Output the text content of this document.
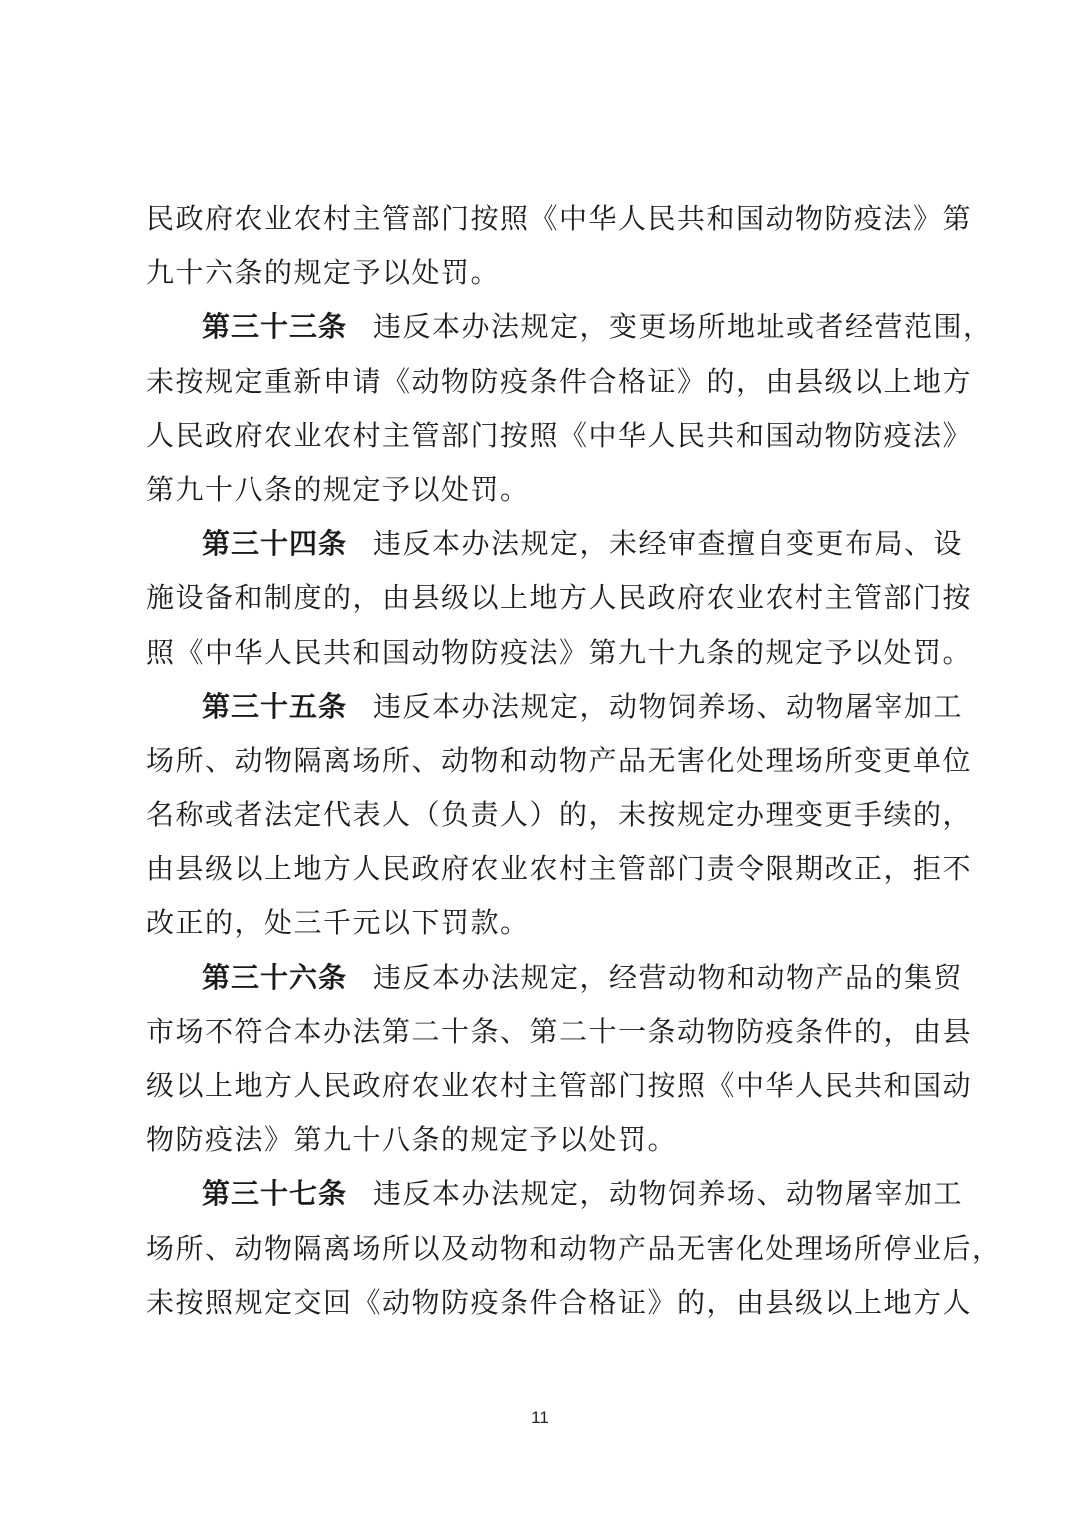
民政府农业农村主管部门按照《中华人民共和国动物防疫法》第
九十六条的规定予以处罚。
第三十三条 违反本办法规定，变更场所地址或者经营范围，
未按规定重新申请《动物防疫条件合格证》的，由县级以上地方
人民政府农业农村主管部门按照《中华人民共和国动物防疫法》
第九十八条的规定予以处罚。
第三十四条 违反本办法规定，未经审查擅自变更布局、设
施设备和制度的，由县级以上地方人民政府农业农村主管部门按
照《中华人民共和国动物防疫法》第九十九条的规定予以处罚。
第三十五条 违反本办法规定，动物饲养场、动物屠宰加工
场所、动物隔离场所、动物和动物产品无害化处理场所变更单位
名称或者法定代表人（负责人）的，未按规定办理变更手续的，
由县级以上地方人民政府农业农村主管部门责令限期改正，拒不
改正的，处三千元以下罚款。
第三十六条 违反本办法规定，经营动物和动物产品的集贸
市场不符合本办法第二十条、第二十一条动物防疫条件的，由县
级以上地方人民政府农业农村主管部门按照《中华人民共和国动
物防疫法》第九十八条的规定予以处罚。
第三十七条 违反本办法规定，动物饲养场、动物屠宰加工
场所、动物隔离场所以及动物和动物产品无害化处理场所停业后，
未按照规定交回《动物防疫条件合格证》的，由县级以上地方人
11
